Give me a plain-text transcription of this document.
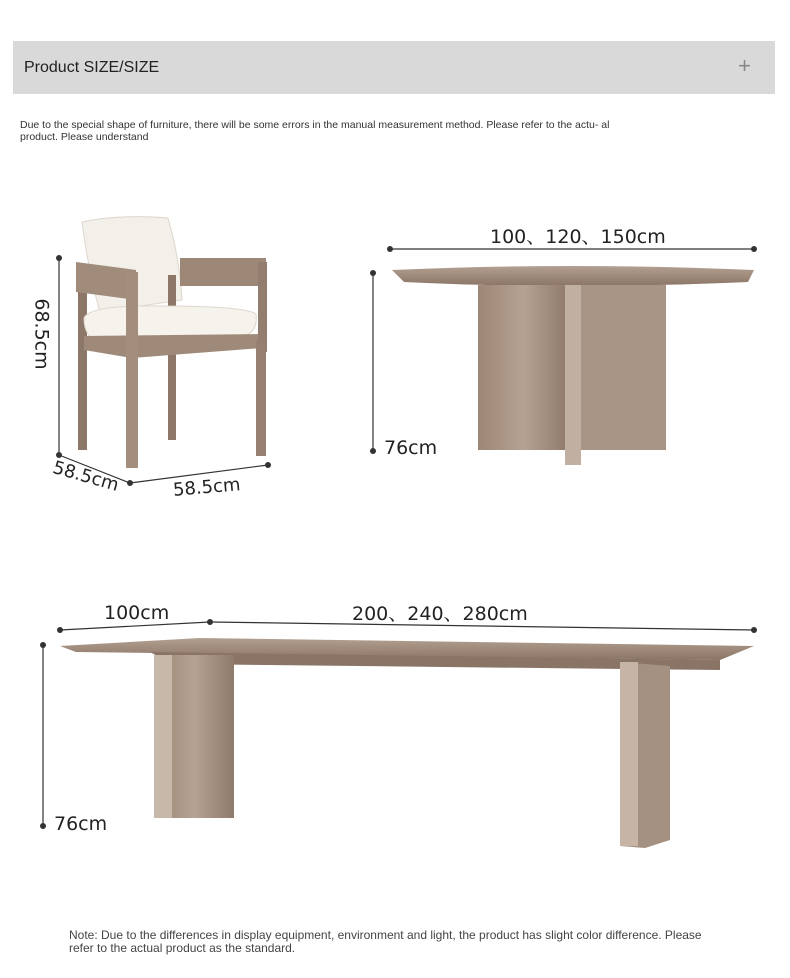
Product SIZE/SIZE	+
Due to the special shape of furniture, there will be some errors in the manual measurement method. Please refer to the actu- al product. Please understand
68.5cm
58.5cm	58.5cm
100、120、150cm
76cm
100cm	200、240、280cm
76cm
Note: Due to the differences in display equipment, environment and light, the product has slight color difference. Please refer to the actual product as the standard.
